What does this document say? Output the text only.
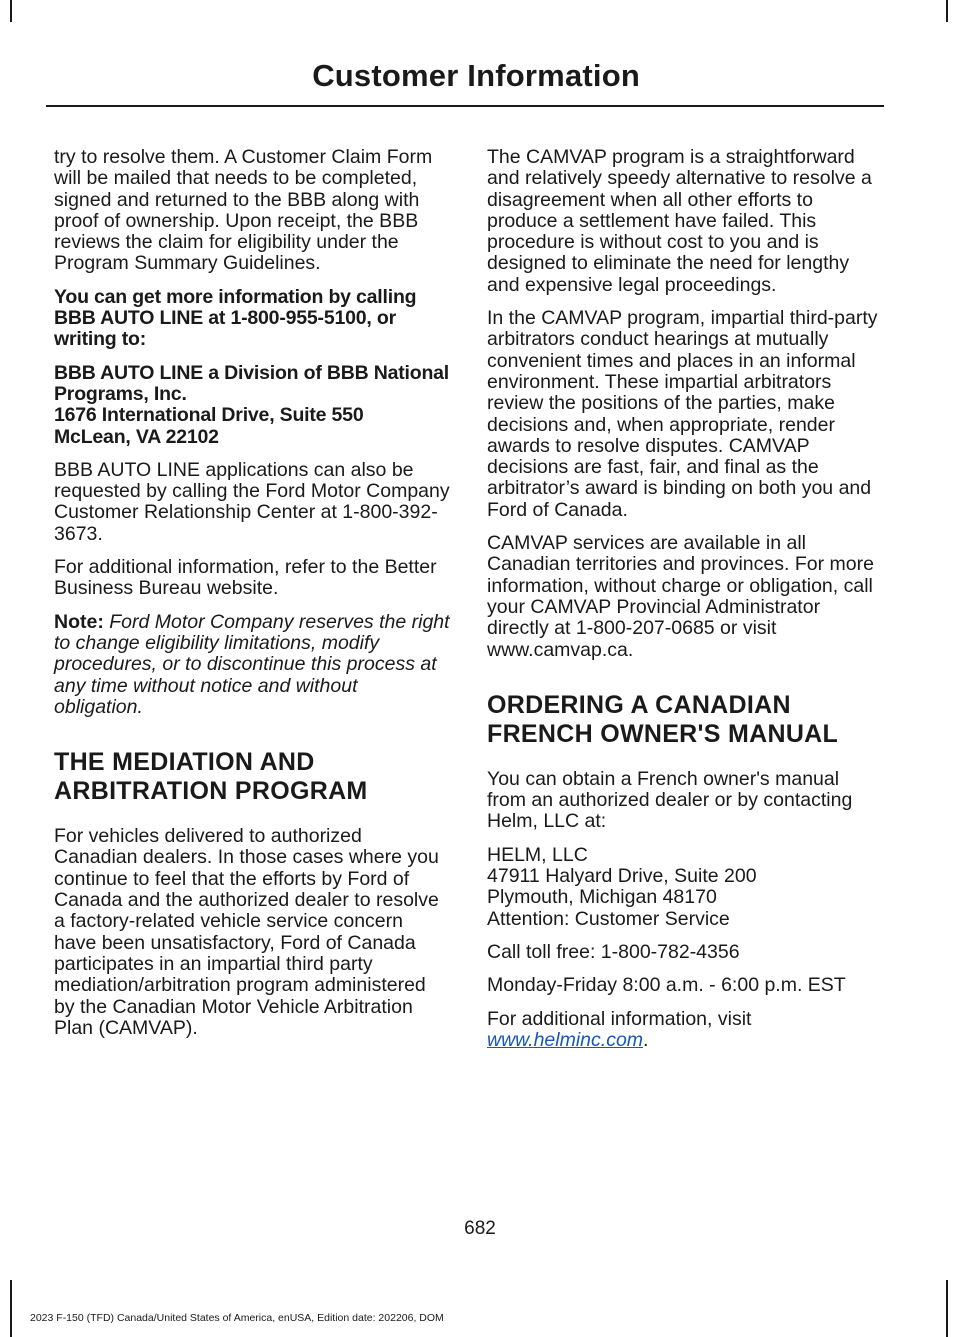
Customer Information

try to resolve them. A Customer Claim Form will be mailed that needs to be completed, signed and returned to the BBB along with proof of ownership. Upon receipt, the BBB reviews the claim for eligibility under the Program Summary Guidelines.

You can get more information by calling BBB AUTO LINE at 1-800-955-5100, or writing to:

BBB AUTO LINE a Division of BBB National Programs, Inc.
1676 International Drive, Suite 550
McLean, VA 22102

BBB AUTO LINE applications can also be requested by calling the Ford Motor Company Customer Relationship Center at 1-800-392-3673.

For additional information, refer to the Better Business Bureau website.

Note: Ford Motor Company reserves the right to change eligibility limitations, modify procedures, or to discontinue this process at any time without notice and without obligation.

THE MEDIATION AND
ARBITRATION PROGRAM

For vehicles delivered to authorized Canadian dealers. In those cases where you continue to feel that the efforts by Ford of Canada and the authorized dealer to resolve a factory-related vehicle service concern have been unsatisfactory, Ford of Canada participates in an impartial third party mediation/arbitration program administered by the Canadian Motor Vehicle Arbitration Plan (CAMVAP).

The CAMVAP program is a straightforward and relatively speedy alternative to resolve a disagreement when all other efforts to produce a settlement have failed. This procedure is without cost to you and is designed to eliminate the need for lengthy and expensive legal proceedings.

In the CAMVAP program, impartial third-party arbitrators conduct hearings at mutually convenient times and places in an informal environment. These impartial arbitrators review the positions of the parties, make decisions and, when appropriate, render awards to resolve disputes. CAMVAP decisions are fast, fair, and final as the arbitrator’s award is binding on both you and Ford of Canada.

CAMVAP services are available in all Canadian territories and provinces. For more information, without charge or obligation, call your CAMVAP Provincial Administrator directly at 1-800-207-0685 or visit www.camvap.ca.

ORDERING A CANADIAN
FRENCH OWNER'S MANUAL

You can obtain a French owner's manual from an authorized dealer or by contacting Helm, LLC at:

HELM, LLC
47911 Halyard Drive, Suite 200
Plymouth, Michigan 48170
Attention: Customer Service

Call toll free: 1-800-782-4356

Monday-Friday 8:00 a.m. - 6:00 p.m. EST

For additional information, visit
www.helminc.com.

682
2023 F-150 (TFD) Canada/United States of America, enUSA, Edition date: 202206, DOM
